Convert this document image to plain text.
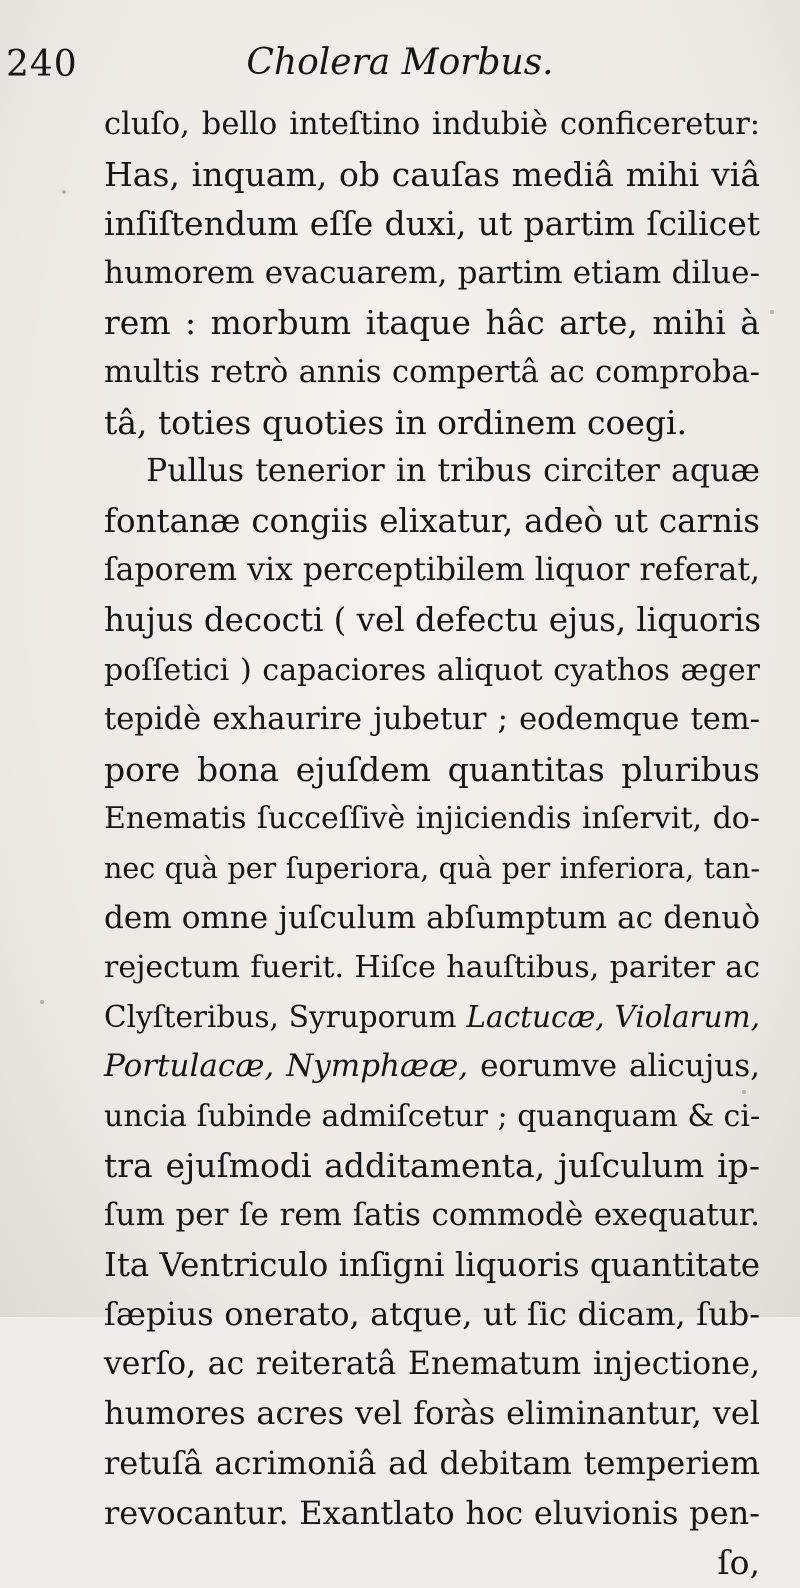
240	Cholera Morbus.
cluſo, bello inteſtino indubiè conficeretur:
Has, inquam, ob cauſas mediâ mihi viâ
inſiſtendum eſſe duxi, ut partim ſcilicet
humorem evacuarem, partim etiam dilue-
rem : morbum itaque hâc arte, mihi à
multis retrò annis compertâ ac comproba-
tâ, toties quoties in ordinem coegi.
Pullus tenerior in tribus circiter aquæ
fontanæ congiis elixatur, adeò ut carnis
ſaporem vix perceptibilem liquor referat,
hujus decocti ( vel defectu ejus, liquoris
poſſetici ) capaciores aliquot cyathos æger
tepidè exhaurire jubetur ; eodemque tem-
pore bona ejuſdem quantitas pluribus
Enematis ſucceſſivè injiciendis inſervit, do-
nec quà per ſuperiora, quà per inferiora, tan-
dem omne juſculum abſumptum ac denuò
rejectum fuerit. Hiſce hauſtibus, pariter ac
Clyſteribus, Syruporum Lactucæ, Violarum,
Portulacæ, Nymphææ, eorumve alicujus,
uncia ſubinde admiſcetur ; quanquam & ci-
tra ejuſmodi additamenta, juſculum ip-
ſum per ſe rem ſatis commodè exequatur.
Ita Ventriculo inſigni liquoris quantitate
ſæpius onerato, atque, ut ſic dicam, ſub-
verſo, ac reiteratâ Enematum injectione,
humores acres vel foràs eliminantur, vel
retuſâ acrimoniâ ad debitam temperiem
revocantur. Exantlato hoc eluvionis pen-
ſo,
